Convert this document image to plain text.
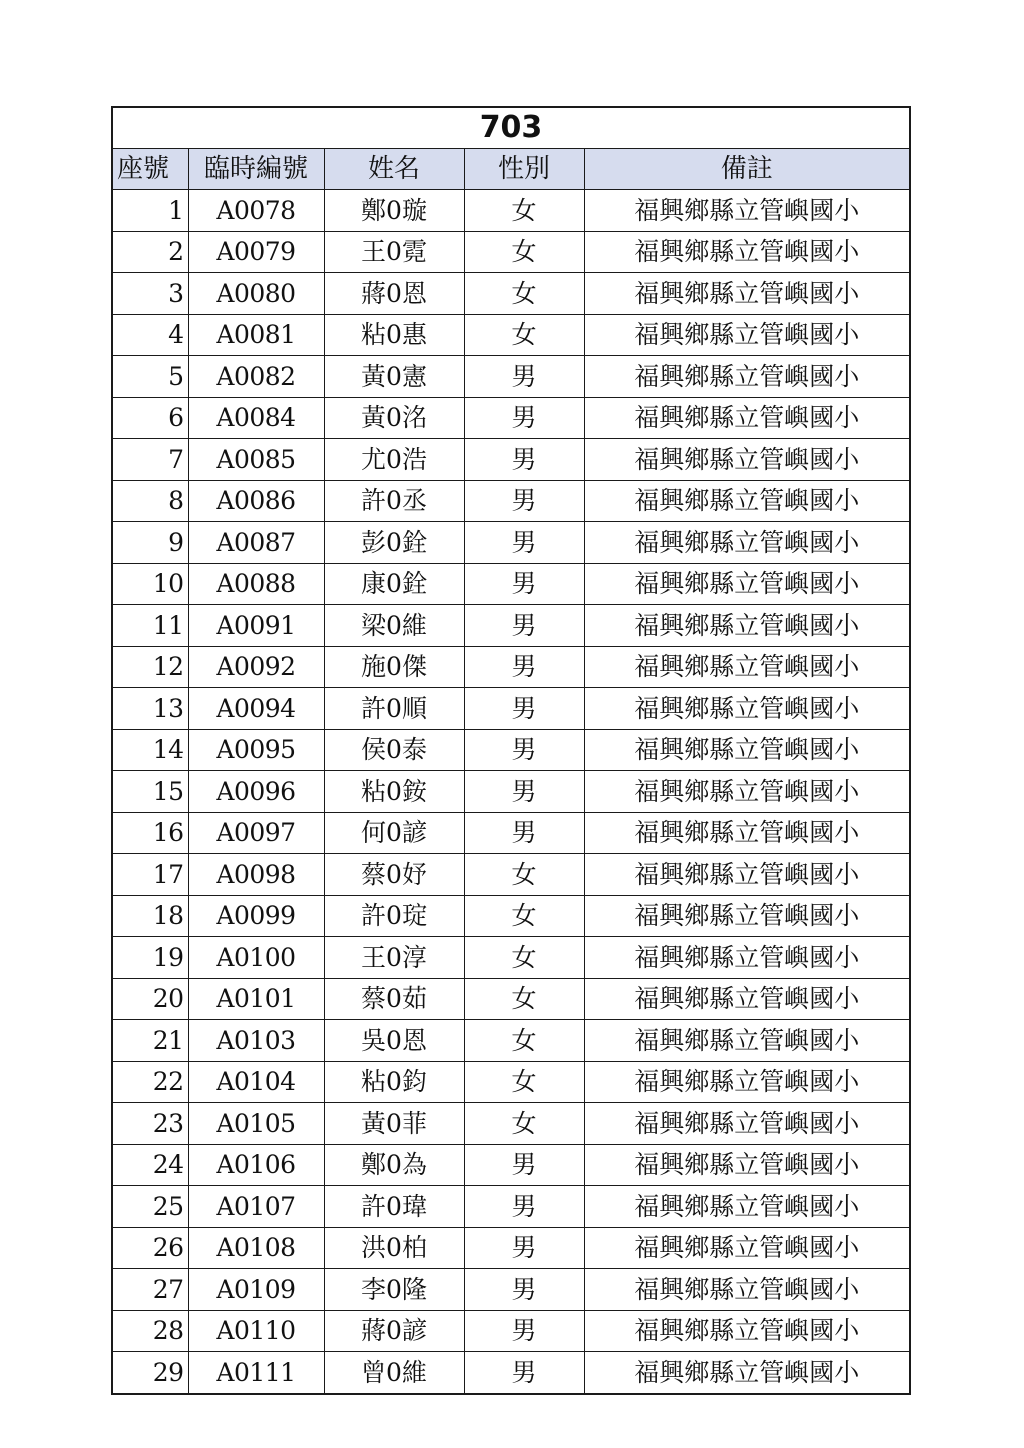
703				
座號	臨時編號	姓名	性別	備註
1	A0078	鄭0璇	女	福興鄉縣立管嶼國小
2	A0079	王0霓	女	福興鄉縣立管嶼國小
3	A0080	蔣0恩	女	福興鄉縣立管嶼國小
4	A0081	粘0惠	女	福興鄉縣立管嶼國小
5	A0082	黃0憲	男	福興鄉縣立管嶼國小
6	A0084	黃0洺	男	福興鄉縣立管嶼國小
7	A0085	尤0浩	男	福興鄉縣立管嶼國小
8	A0086	許0丞	男	福興鄉縣立管嶼國小
9	A0087	彭0銓	男	福興鄉縣立管嶼國小
10	A0088	康0銓	男	福興鄉縣立管嶼國小
11	A0091	梁0維	男	福興鄉縣立管嶼國小
12	A0092	施0傑	男	福興鄉縣立管嶼國小
13	A0094	許0順	男	福興鄉縣立管嶼國小
14	A0095	侯0泰	男	福興鄉縣立管嶼國小
15	A0096	粘0銨	男	福興鄉縣立管嶼國小
16	A0097	何0諺	男	福興鄉縣立管嶼國小
17	A0098	蔡0妤	女	福興鄉縣立管嶼國小
18	A0099	許0琔	女	福興鄉縣立管嶼國小
19	A0100	王0淳	女	福興鄉縣立管嶼國小
20	A0101	蔡0茹	女	福興鄉縣立管嶼國小
21	A0103	吳0恩	女	福興鄉縣立管嶼國小
22	A0104	粘0鈞	女	福興鄉縣立管嶼國小
23	A0105	黃0菲	女	福興鄉縣立管嶼國小
24	A0106	鄭0為	男	福興鄉縣立管嶼國小
25	A0107	許0瑋	男	福興鄉縣立管嶼國小
26	A0108	洪0柏	男	福興鄉縣立管嶼國小
27	A0109	李0隆	男	福興鄉縣立管嶼國小
28	A0110	蔣0諺	男	福興鄉縣立管嶼國小
29	A0111	曾0維	男	福興鄉縣立管嶼國小
